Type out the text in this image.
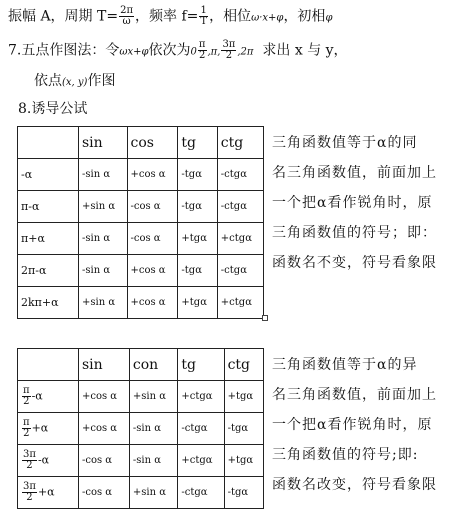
振幅 A，周期 $T= \frac{2\pi}{\omega}$ ，频率 $f= \frac{1}{T}$ ，相位ω·x+φ，初相φ
7.五点作图法：令ωx+φ依次为$0 \frac{\pi}{2} ,\pi$, $\frac{3\pi}{2} ,2\pi$ 求出 x 与 y，
依点(x, y)作图
8.诱导公试
	sin	cos	tg	ctg
-α	-sin α	+cos α	-tgα	-ctgα
π-α	+sin α	-cos α	-tgα	-ctgα
π+α	-sin α	-cos α	+tgα	+ctgα
2π-α	-sin α	+cos α	-tgα	-ctgα
2kπ+α	+sin α	+cos α	+tgα	+ctgα
三角函数值等于α的同
名三角函数值，前面加上
一个把α看作锐角时，原
三角函数值的符号；即：
函数名不变，符号看象限
	sin	con	tg	ctg

$\frac{\pi}{2} -\alpha$	+cos α	+sin α	+ctgα	+tgα

$\frac{\pi}{2} +\alpha$	+cos α	-sin α	-ctgα	-tgα

$\frac{3\pi}{2} -\alpha$	-cos α	-sin α	+ctgα	+tgα

$\frac{3\pi}{2} +\alpha$	-cos α	+sin α	-ctgα	-tgα
三角函数值等于α的异
名三角函数值，前面加上
一个把α看作锐角时，原
三角函数值的符号;即:
函数名改变，符号看象限
